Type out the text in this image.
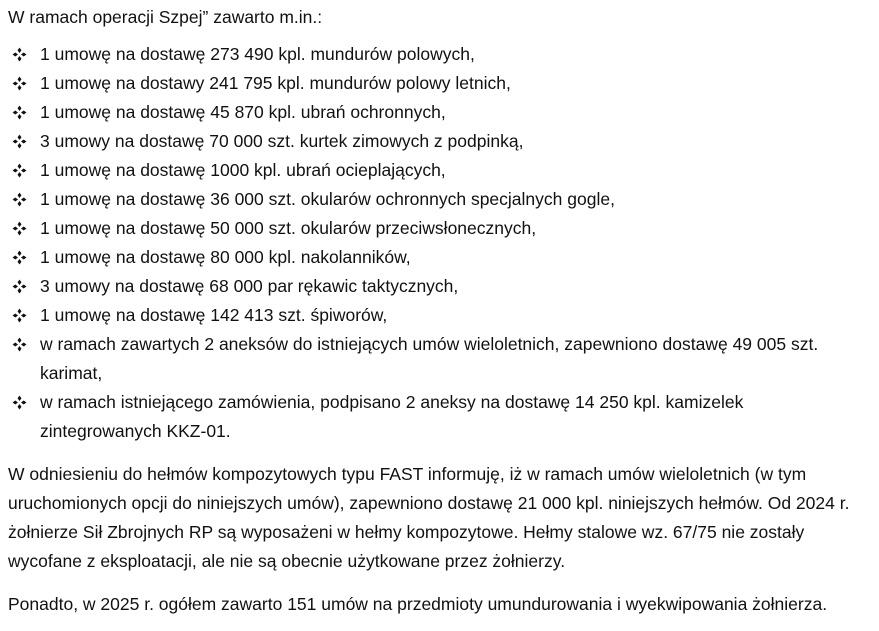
W ramach operacji Szpej” zawarto m.in.:
1 umowę na dostawę 273 490 kpl. mundurów polowych,
1 umowę na dostawy 241 795 kpl. mundurów polowy letnich,
1 umowę na dostawę 45 870 kpl. ubrań ochronnych,
3 umowy na dostawę 70 000 szt. kurtek zimowych z podpinką,
1 umowę na dostawę 1000 kpl. ubrań ocieplających,
1 umowę na dostawę 36 000 szt. okularów ochronnych specjalnych gogle,
1 umowę na dostawę 50 000 szt. okularów przeciwsłonecznych,
1 umowę na dostawę 80 000 kpl. nakolanników,
3 umowy na dostawę 68 000 par rękawic taktycznych,
1 umowę na dostawę 142 413 szt. śpiworów,
w ramach zawartych 2 aneksów do istniejących umów wieloletnich, zapewniono dostawę 49 005 szt. karimat,
w ramach istniejącego zamówienia, podpisano 2 aneksy na dostawę 14 250 kpl. kamizelek zintegrowanych KKZ-01.
W odniesieniu do hełmów kompozytowych typu FAST informuję, iż w ramach umów wieloletnich (w tym uruchomionych opcji do niniejszych umów), zapewniono dostawę 21 000 kpl. niniejszych hełmów. Od 2024 r. żołnierze Sił Zbrojnych RP są wyposażeni w hełmy kompozytowe. Hełmy stalowe wz. 67/75 nie zostały wycofane z eksploatacji, ale nie są obecnie użytkowane przez żołnierzy.
Ponadto, w 2025 r. ogółem zawarto 151 umów na przedmioty umundurowania i wyekwipowania żołnierza.
